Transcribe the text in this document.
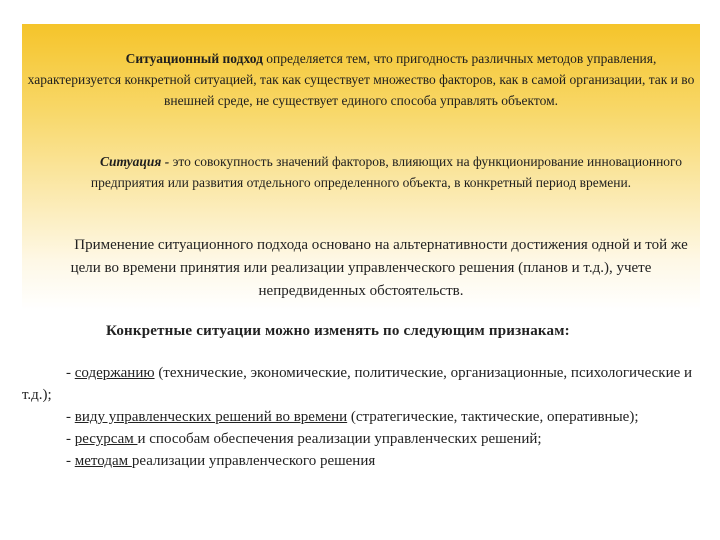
Ситуационный подход определяется тем, что пригодность различных методов управления, характеризуется конкретной ситуацией, так как существует множество факторов, как в самой организации, так и во внешней среде, не существует единого способа управлять объектом.

Ситуация - это совокупность значений факторов, влияющих на функционирование инновационного предприятия или развития отдельного определенного объекта, в конкретный период времени.

Применение ситуационного подхода основано на альтернативности достижения одной и той же цели во времени принятия или реализации управленческого решения (планов и т.д.), учете непредвиденных обстоятельств.

Конкретные ситуации можно изменять по следующим признакам:

- содержанию (технические, экономические, политические, организационные, психологические и т.д.);

- виду управленческих решений во времени (стратегические, тактические, оперативные);

- ресурсам и способам обеспечения реализации управленческих решений;

- методам реализации управленческого решения
